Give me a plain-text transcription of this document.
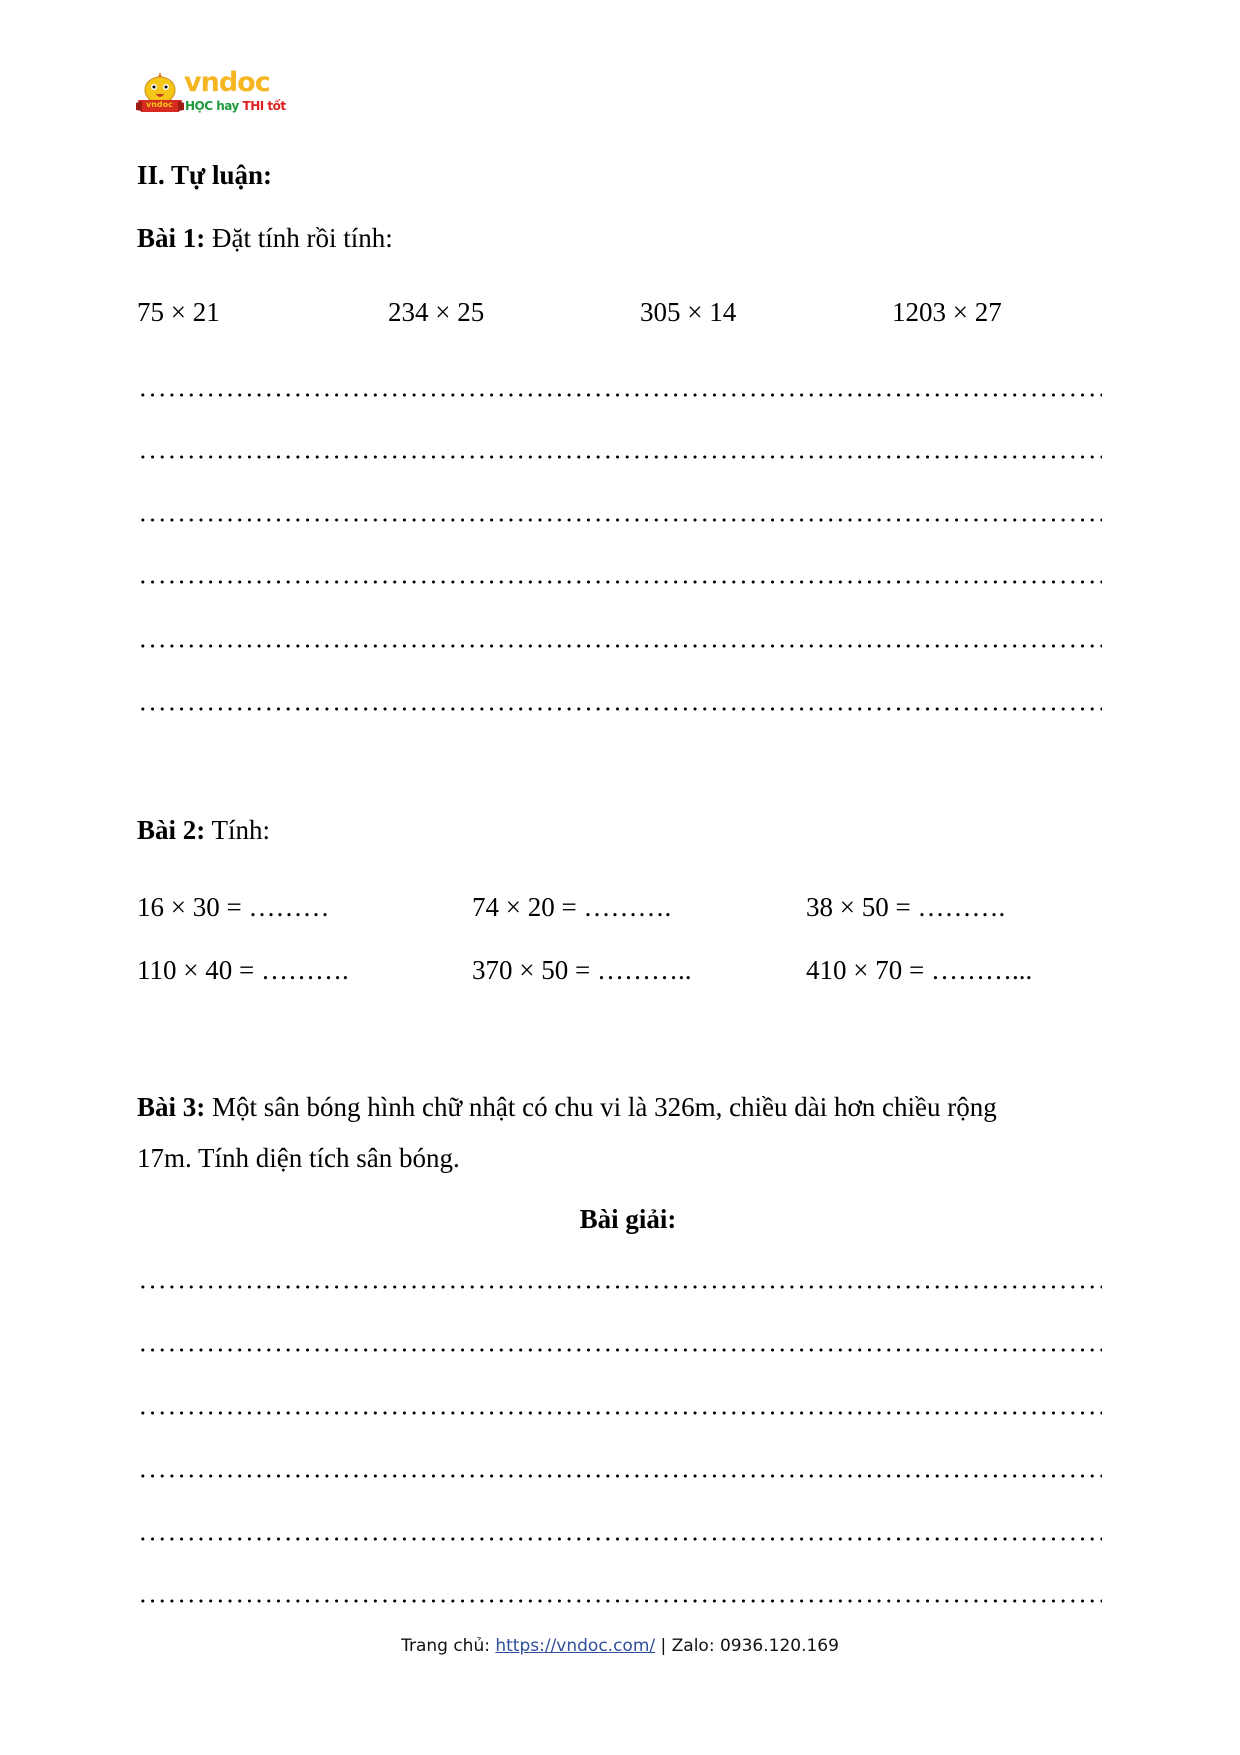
vndoc
vndoc
HỌC hay THI tốt
II. Tự luận:
Bài 1: Đặt tính rồi tính:
75 × 21	234 × 25	305 × 14	1203 × 27
Bài 2: Tính:
16 × 30 = ………	74 × 20 = ……….	38 × 50 = ……….
110 × 40 = ……….	370 × 50 = ………..	410 × 70 = ………...
Bài 3: Một sân bóng hình chữ nhật có chu vi là 326m, chiều dài hơn chiều rộng
17m. Tính diện tích sân bóng.
Bài giải:
Trang chủ: https://vndoc.com/ | Zalo: 0936.120.169
